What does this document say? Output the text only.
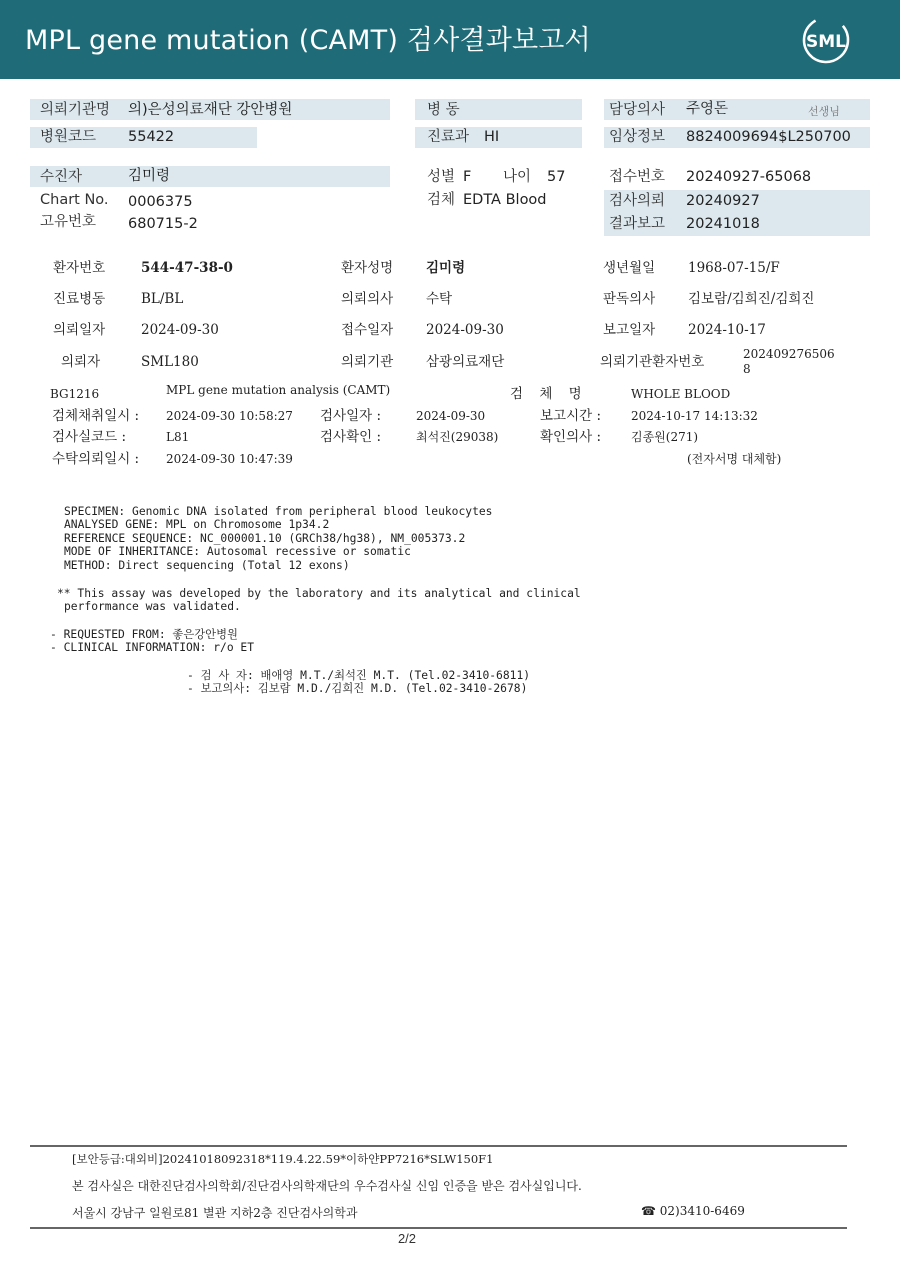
MPL gene mutation (CAMT) 검사결과보고서	SML
의뢰기관명 의)은성의료재단 강안병원	병 동	담당의사 주영돈	선생님
병원코드 55422	진료과 HI	임상정보 8824009694$L250700
수진자	김미령	성별 F 나이 57	접수번호 20240927-65068
Chart No. 0006375	검체 EDTA Blood	검사의뢰 20240927
고유번호 680715-2	결과보고 20241018
환자번호	544-47-38-0	환자성명 김미령	생년월일 1968-07-15/F
진료병동	BL/BL	의뢰의사 수탁	판독의사 김보람/김희진/김희진
의뢰일자	2024-09-30	접수일자 2024-09-30	보고일자 2024-10-17
의뢰자	SML180	의뢰기관 삼광의료재단	의뢰기관환자번호	202409276506
8
BG1216	MPL gene mutation analysis (CAMT)	검 체 명	WHOLE BLOOD
검체채취일시 : 2024-09-30 10:58:27 검사일자 :	2024-09-30	보고시간 : 2024-10-17 14:13:32
검사실코드 :	L81	검사확인 :	최석진(29038)	확인의사 : 김종원(271)
수탁의뢰일시 : 2024-09-30 10:47:39	(전자서명 대체함)
SPECIMEN: Genomic DNA isolated from peripheral blood leukocytes
ANALYSED GENE: MPL on Chromosome 1p34.2
REFERENCE SEQUENCE: NC_000001.10 (GRCh38/hg38), NM_005373.2
MODE OF INHERITANCE: Autosomal recessive or somatic
METHOD: Direct sequencing (Total 12 exons)
** This assay was developed by the laboratory and its analytical and clinical
performance was validated.
- REQUESTED FROM: 좋은강안병원
- CLINICAL INFORMATION: r/o ET
- 검 사 자: 배애영 M.T./최석진 M.T. (Tel.02-3410-6811)
- 보고의사: 김보람 M.D./김희진 M.D. (Tel.02-3410-2678)
[보안등급:대외비]20241018092318*119.4.22.59*이하얀PP7216*SLW150F1
본 검사실은 대한진단검사의학회/진단검사의학재단의 우수검사실 신임 인증을 받은 검사실입니다.
서울시 강남구 일원로81 별관 지하2층 진단검사의학과	☎ 02)3410-6469
2/2
